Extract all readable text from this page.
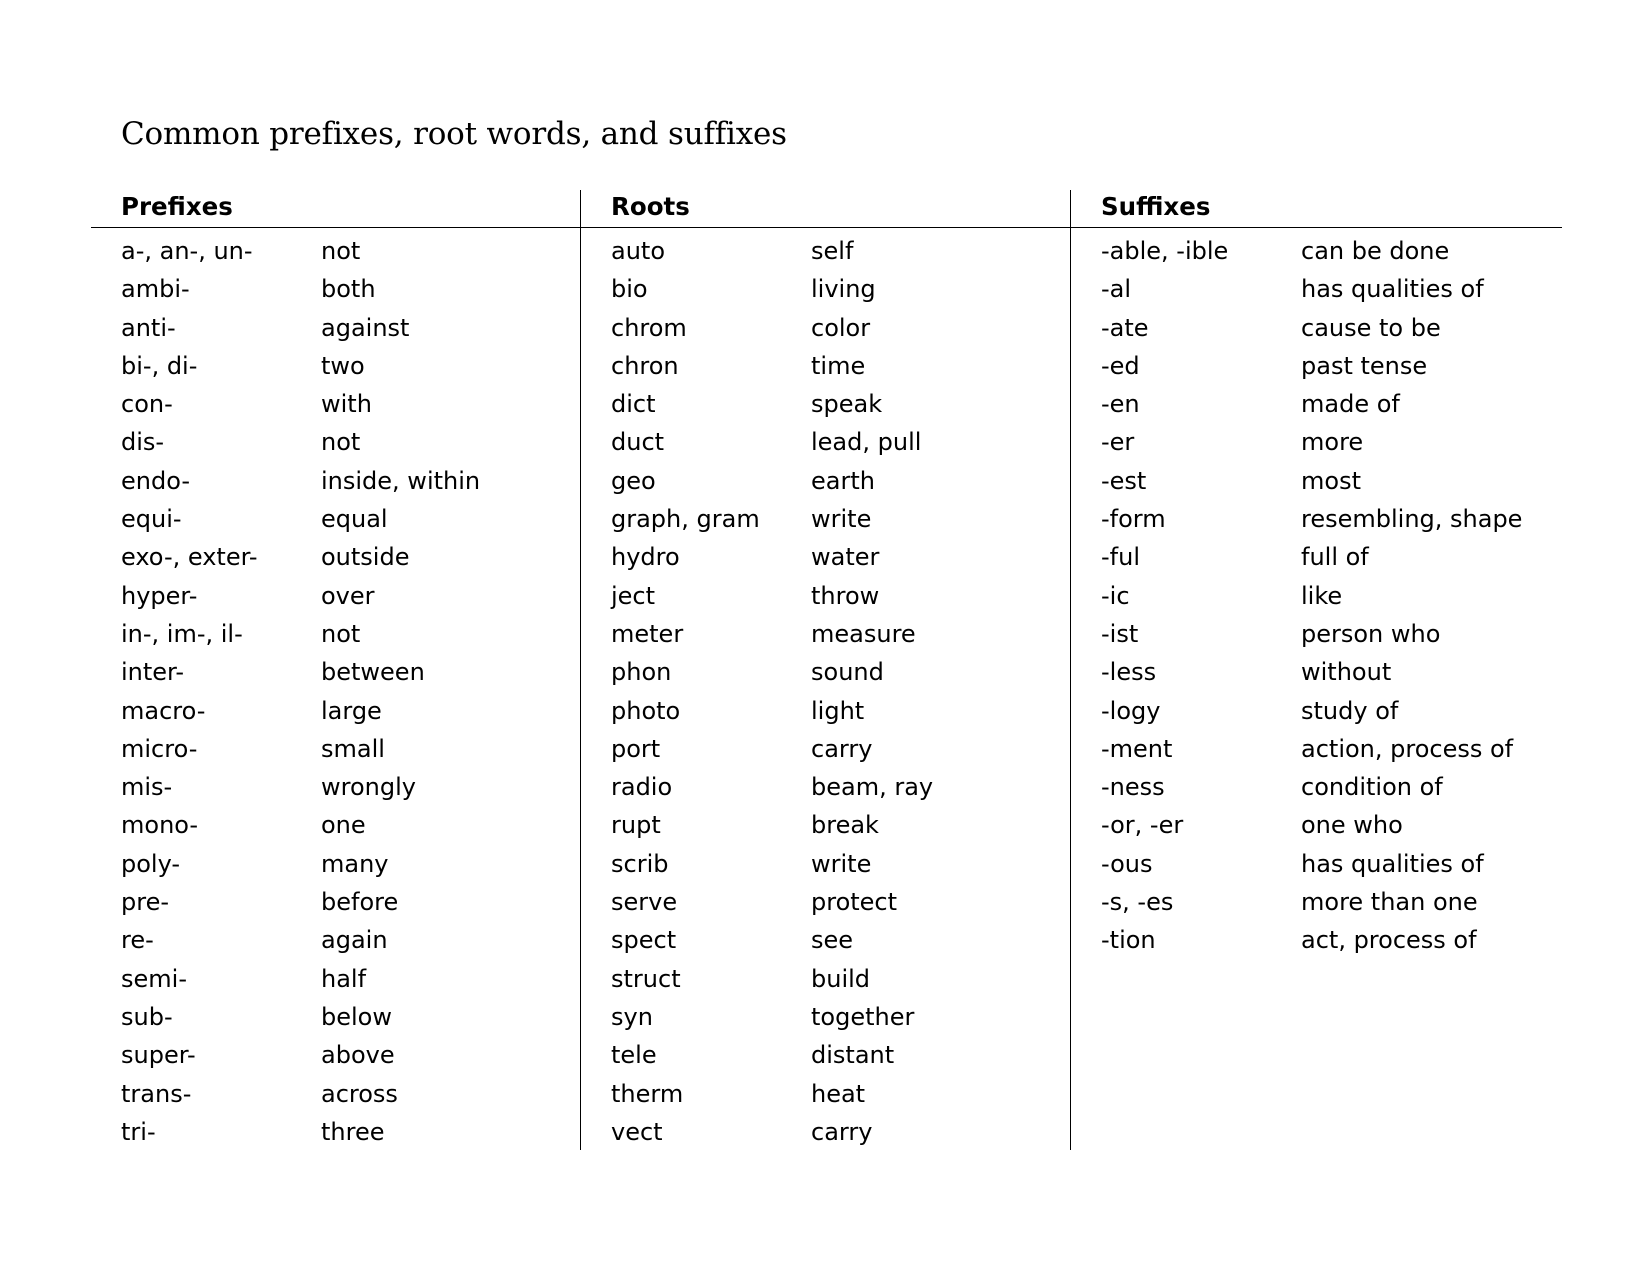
Common prefixes, root words, and suffixes
Prefixes
a-, an-, un-	not
ambi-	both
anti-	against
bi-, di-	two
con-	with
dis-	not
endo-	inside, within
equi-	equal
exo-, exter-	outside
hyper-	over
in-, im-, il-	not
inter-	between
macro-	large
micro-	small
mis-	wrongly
mono-	one
poly-	many
pre-	before
re-	again
semi-	half
sub-	below
super-	above
trans-	across
tri-	three
Roots
auto	self
bio	living
chrom	color
chron	time
dict	speak
duct	lead, pull
geo	earth
graph, gram	write
hydro	water
ject	throw
meter	measure
phon	sound
photo	light
port	carry
radio	beam, ray
rupt	break
scrib	write
serve	protect
spect	see
struct	build
syn	together
tele	distant
therm	heat
vect	carry
Suffixes
-able, -ible	can be done
-al	has qualities of
-ate	cause to be
-ed	past tense
-en	made of
-er	more
-est	most
-form	resembling, shape
-ful	full of
-ic	like
-ist	person who
-less	without
-logy	study of
-ment	action, process of
-ness	condition of
-or, -er	one who
-ous	has qualities of
-s, -es	more than one
-tion	act, process of
